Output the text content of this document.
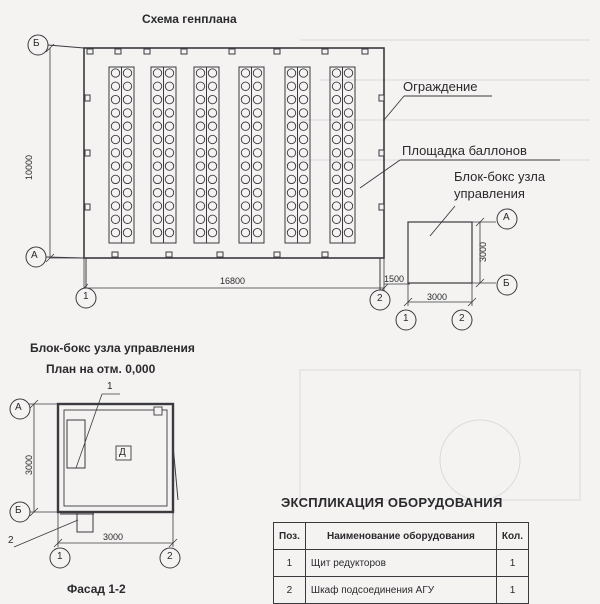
Схема генплана
Б
А
1	2
10000
16800	1500
Ограждение
Площадка баллонов
Блок-бокс узла управления
А
Б
1	2
3000
3000
Блок-бокс узла управления
План на отм. 0,000
1
2
Д
А
Б
1	2
3000
3000
Фасад 1-2
ЭКСПЛИКАЦИЯ ОБОРУДОВАНИЯ
Поз.	Наименование оборудования	Кол.
1	Щит редукторов	1
2	Шкаф подсоединения АГУ	1
